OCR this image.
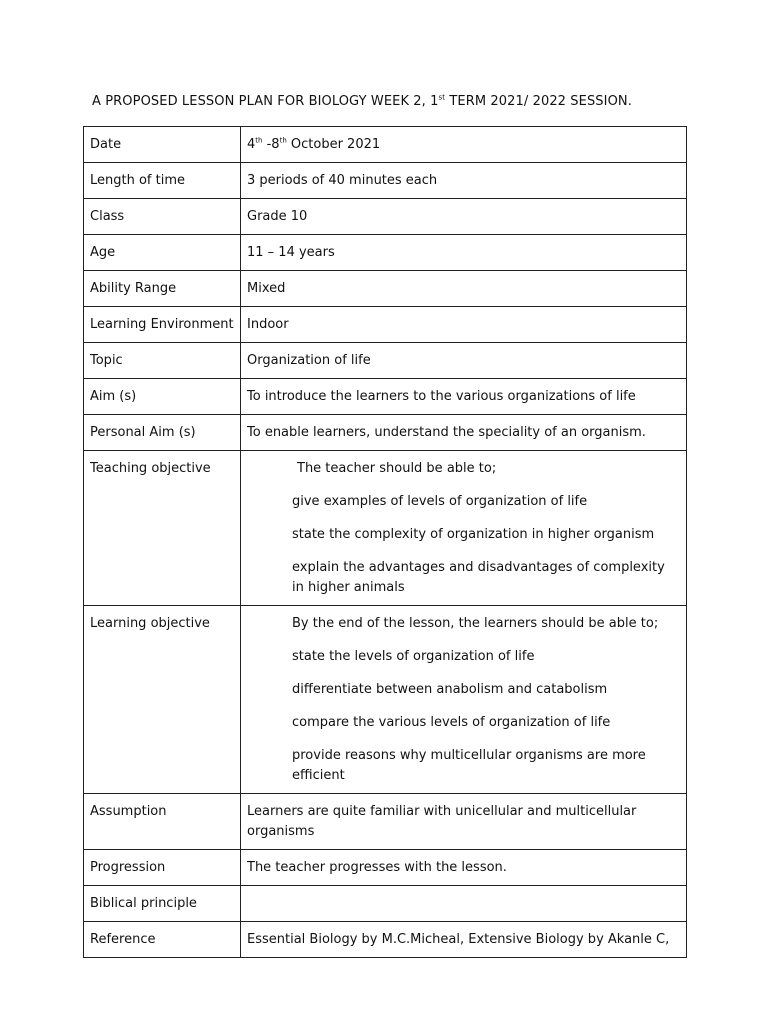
A PROPOSED LESSON PLAN FOR BIOLOGY WEEK 2, 1st TERM 2021/ 2022 SESSION.
Date	4th -8th October 2021
Length of time	3 periods of 40 minutes each
Class	Grade 10
Age	11 – 14 years
Ability Range	Mixed
Learning Environment	Indoor
Topic	Organization of life
Aim (s)	To introduce the learners to the various organizations of life
Personal Aim (s)	To enable learners, understand the speciality of an organism.
Teaching objective	The teacher should be able to;

give examples of levels of organization of life

state the complexity of organization in higher organism

explain the advantages and disadvantages of complexity in higher animals

Learning objective	By the end of the lesson, the learners should be able to;

state the levels of organization of life

differentiate between anabolism and catabolism

compare the various levels of organization of life

provide reasons why multicellular organisms are more efficient

Assumption	Learners are quite familiar with unicellular and multicellular organisms
Progression	The teacher progresses with the lesson.
Biblical principle	
Reference	Essential Biology by M.C.Micheal, Extensive Biology by Akanle C,
